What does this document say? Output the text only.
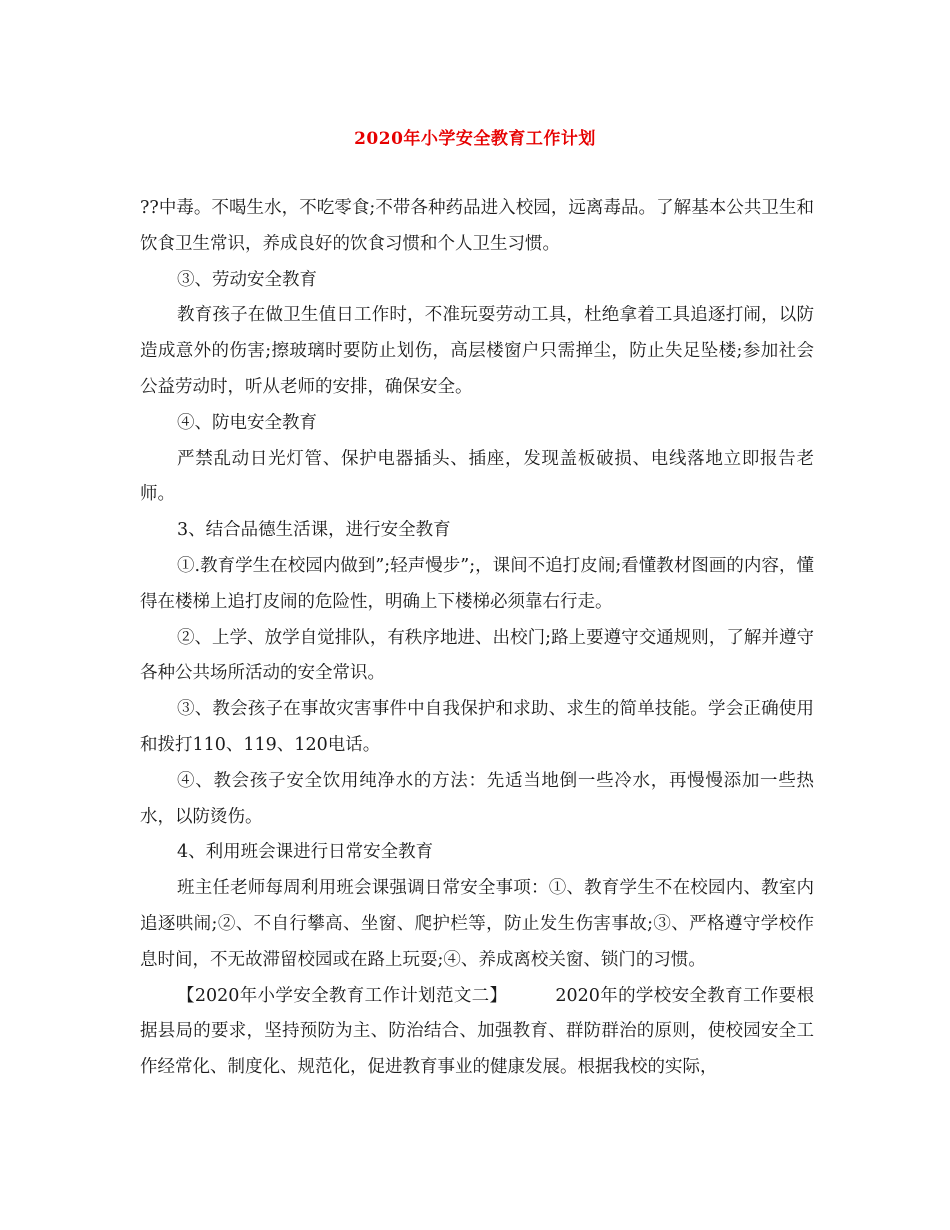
2020年小学安全教育工作计划

??中毒。不喝生水，不吃零食;不带各种药品进入校园，远离毒品。了解基本公共卫生和饮食卫生常识，养成良好的饮食习惯和个人卫生习惯。

③、劳动安全教育

教育孩子在做卫生值日工作时，不准玩耍劳动工具，杜绝拿着工具追逐打闹，以防造成意外的伤害;擦玻璃时要防止划伤，高层楼窗户只需掸尘，防止失足坠楼;参加社会公益劳动时，听从老师的安排，确保安全。

④、防电安全教育

严禁乱动日光灯管、保护电器插头、插座，发现盖板破损、电线落地立即报告老师。

3、结合品德生活课，进行安全教育

①.教育学生在校园内做到”;轻声慢步”;，课间不追打皮闹;看懂教材图画的内容，懂得在楼梯上追打皮闹的危险性，明确上下楼梯必须靠右行走。

②、上学、放学自觉排队，有秩序地进、出校门;路上要遵守交通规则，了解并遵守各种公共场所活动的安全常识。

③、教会孩子在事故灾害事件中自我保护和求助、求生的简单技能。学会正确使用和拨打110、119、120电话。

④、教会孩子安全饮用纯净水的方法：先适当地倒一些冷水，再慢慢添加一些热水，以防烫伤。

4、利用班会课进行日常安全教育

班主任老师每周利用班会课强调日常安全事项：①、教育学生不在校园内、教室内追逐哄闹;②、不自行攀高、坐窗、爬护栏等，防止发生伤害事故;③、严格遵守学校作息时间，不无故滞留校园或在路上玩耍;④、养成离校关窗、锁门的习惯。

【2020年小学安全教育工作计划范文二】	2020年的学校安全教育工作要根据县局的要求，坚持预防为主、防治结合、加强教育、群防群治的原则，使校园安全工作经常化、制度化、规范化，促进教育事业的健康发展。根据我校的实际，
